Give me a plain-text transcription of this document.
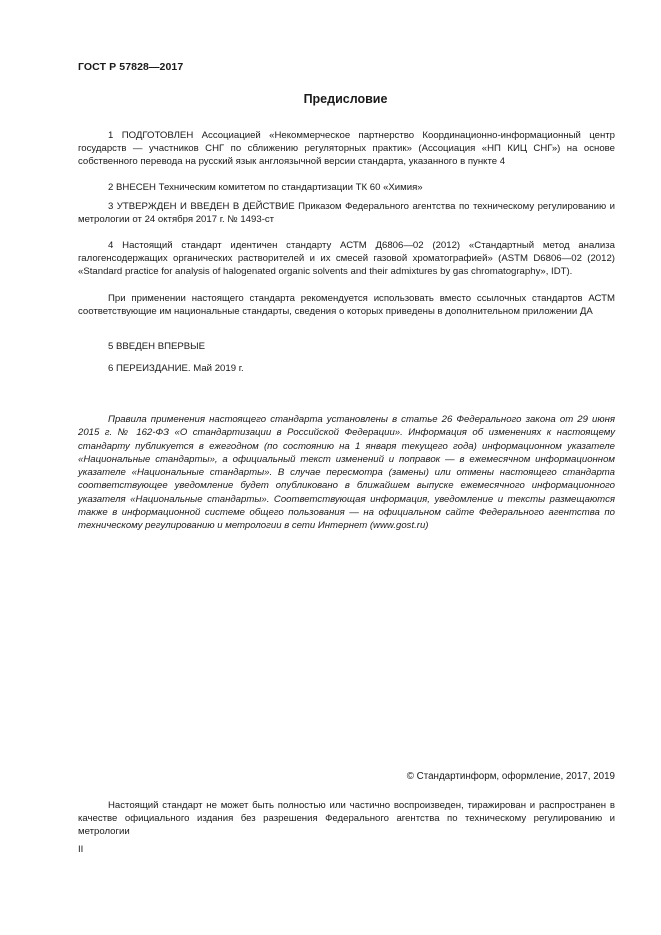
ГОСТ Р 57828—2017
Предисловие
1 ПОДГОТОВЛЕН Ассоциацией «Некоммерческое партнерство Координационно-информационный центр государств — участников СНГ по сближению регуляторных практик» (Ассоциация «НП КИЦ СНГ») на основе собственного перевода на русский язык англоязычной версии стандарта, указанного в пункте 4
2 ВНЕСЕН Техническим комитетом по стандартизации ТК 60 «Химия»
3 УТВЕРЖДЕН И ВВЕДЕН В ДЕЙСТВИЕ Приказом Федерального агентства по техническому регулированию и метрологии от 24 октября 2017 г. № 1493-ст
4 Настоящий стандарт идентичен стандарту АСТМ Д6806—02 (2012) «Стандартный метод анализа галогенсодержащих органических растворителей и их смесей газовой хроматографией» (ASTM D6806—02 (2012) «Standard practice for analysis of halogenated organic solvents and their admixtures by gas chromatography», IDT).
При применении настоящего стандарта рекомендуется использовать вместо ссылочных стандартов АСТМ соответствующие им национальные стандарты, сведения о которых приведены в дополнительном приложении ДА
5 ВВЕДЕН ВПЕРВЫЕ
6 ПЕРЕИЗДАНИЕ. Май 2019 г.
Правила применения настоящего стандарта установлены в статье 26 Федерального закона от 29 июня 2015 г. № 162-ФЗ «О стандартизации в Российской Федерации». Информация об изменениях к настоящему стандарту публикуется в ежегодном (по состоянию на 1 января текущего года) информационном указателе «Национальные стандарты», а официальный текст изменений и поправок — в ежемесячном информационном указателе «Национальные стандарты». В случае пересмотра (замены) или отмены настоящего стандарта соответствующее уведомление будет опубликовано в ближайшем выпуске ежемесячного информационного указателя «Национальные стандарты». Соответствующая информация, уведомление и тексты размещаются также в информационной системе общего пользования — на официальном сайте Федерального агентства по техническому регулированию и метрологии в сети Интернет (www.gost.ru)
© Стандартинформ, оформление, 2017, 2019
Настоящий стандарт не может быть полностью или частично воспроизведен, тиражирован и распространен в качестве официального издания без разрешения Федерального агентства по техническому регулированию и метрологии
II
